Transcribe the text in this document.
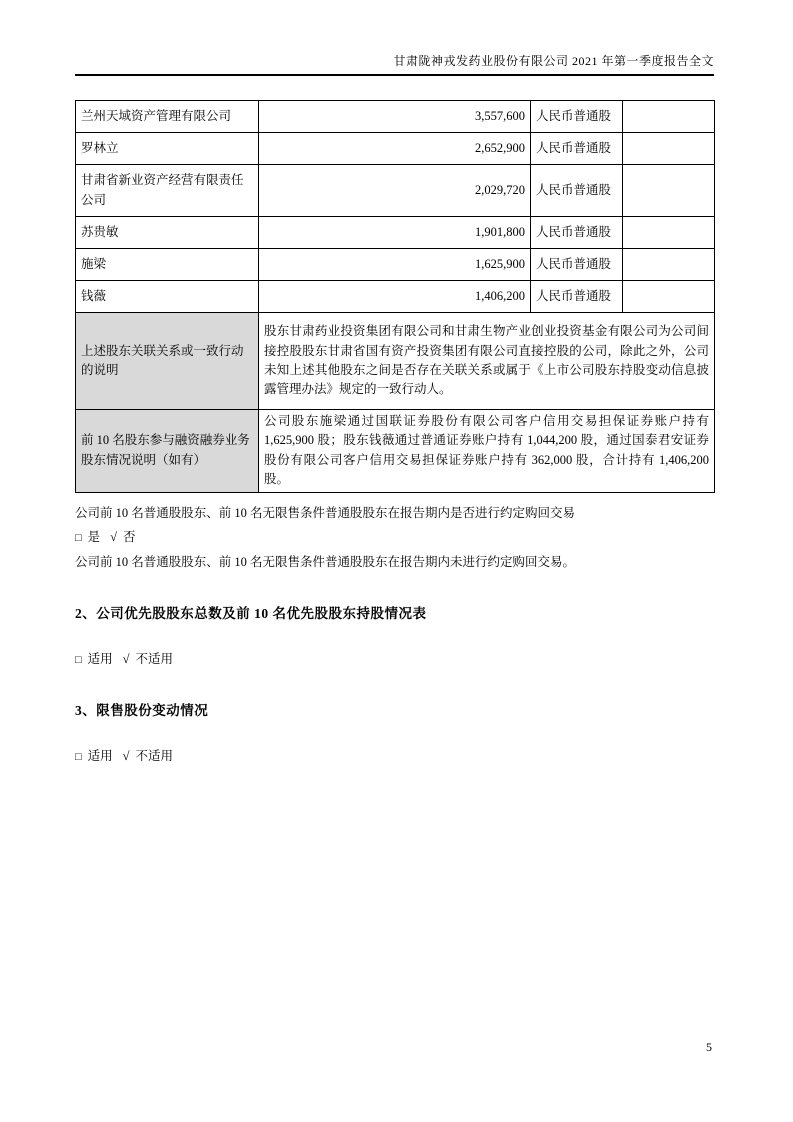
甘肃陇神戎发药业股份有限公司 2021 年第一季度报告全文
兰州天域资产管理有限公司	3,557,600	人民币普通股	
罗林立	2,652,900	人民币普通股	
甘肃省新业资产经营有限责任公司	2,029,720	人民币普通股	
苏贵敏	1,901,800	人民币普通股	
施梁	1,625,900	人民币普通股	
钱薇	1,406,200	人民币普通股	
上述股东关联关系或一致行动的说明	股东甘肃药业投资集团有限公司和甘肃生物产业创业投资基金有限公司为公司间接控股股东甘肃省国有资产投资集团有限公司直接控股的公司，除此之外，公司未知上述其他股东之间是否存在关联关系或属于《上市公司股东持股变动信息披露管理办法》规定的一致行动人。		
前 10 名股东参与融资融券业务股东情况说明（如有）	公司股东施梁通过国联证券股份有限公司客户信用交易担保证券账户持有 1,625,900 股；股东钱薇通过普通证券账户持有 1,044,200 股，通过国泰君安证券股份有限公司客户信用交易担保证券账户持有 362,000 股，合计持有 1,406,200 股。		

公司前 10 名普通股股东、前 10 名无限售条件普通股股东在报告期内是否进行约定购回交易

□ 是 √ 否

公司前 10 名普通股股东、前 10 名无限售条件普通股股东在报告期内未进行约定购回交易。

2、公司优先股股东总数及前 10 名优先股股东持股情况表

□ 适用 √ 不适用

3、限售股份变动情况

□ 适用 √ 不适用

5
